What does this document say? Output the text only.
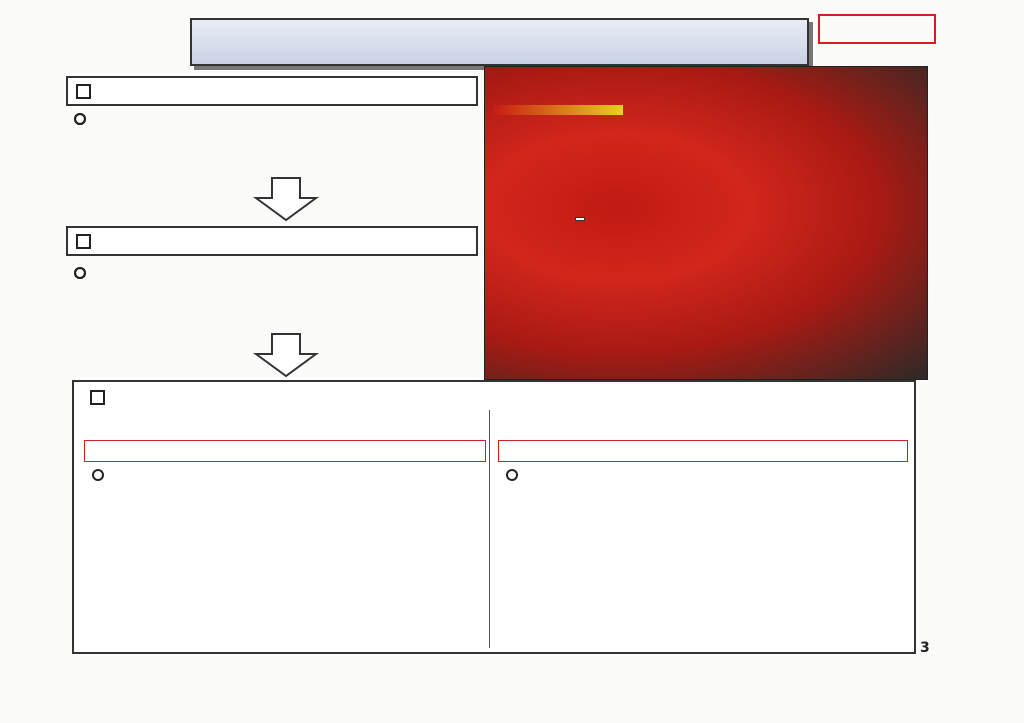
3
